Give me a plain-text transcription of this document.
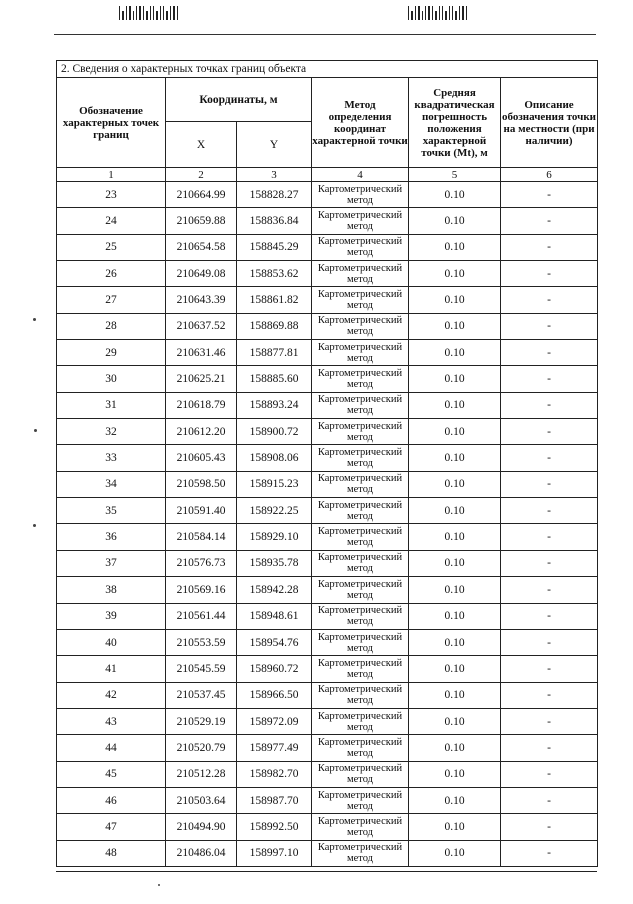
2. Сведения о характерных точках границ объекта					
Обозначение характерных точек границ	Координаты, м		Метод определения координат характерной точки	Средняя квадратическая погрешность положения характерной точки (Mt), м	Описание обозначения точки на местности (при наличии)
	X	Y			
1	2	3	4	5	6
23	210664.99	158828.27	Картометрический метод	0.10	-
24	210659.88	158836.84	Картометрический метод	0.10	-
25	210654.58	158845.29	Картометрический метод	0.10	-
26	210649.08	158853.62	Картометрический метод	0.10	-
27	210643.39	158861.82	Картометрический метод	0.10	-
28	210637.52	158869.88	Картометрический метод	0.10	-
29	210631.46	158877.81	Картометрический метод	0.10	-
30	210625.21	158885.60	Картометрический метод	0.10	-
31	210618.79	158893.24	Картометрический метод	0.10	-
32	210612.20	158900.72	Картометрический метод	0.10	-
33	210605.43	158908.06	Картометрический метод	0.10	-
34	210598.50	158915.23	Картометрический метод	0.10	-
35	210591.40	158922.25	Картометрический метод	0.10	-
36	210584.14	158929.10	Картометрический метод	0.10	-
37	210576.73	158935.78	Картометрический метод	0.10	-
38	210569.16	158942.28	Картометрический метод	0.10	-
39	210561.44	158948.61	Картометрический метод	0.10	-
40	210553.59	158954.76	Картометрический метод	0.10	-
41	210545.59	158960.72	Картометрический метод	0.10	-
42	210537.45	158966.50	Картометрический метод	0.10	-
43	210529.19	158972.09	Картометрический метод	0.10	-
44	210520.79	158977.49	Картометрический метод	0.10	-
45	210512.28	158982.70	Картометрический метод	0.10	-
46	210503.64	158987.70	Картометрический метод	0.10	-
47	210494.90	158992.50	Картометрический метод	0.10	-
48	210486.04	158997.10	Картометрический метод	0.10	-
